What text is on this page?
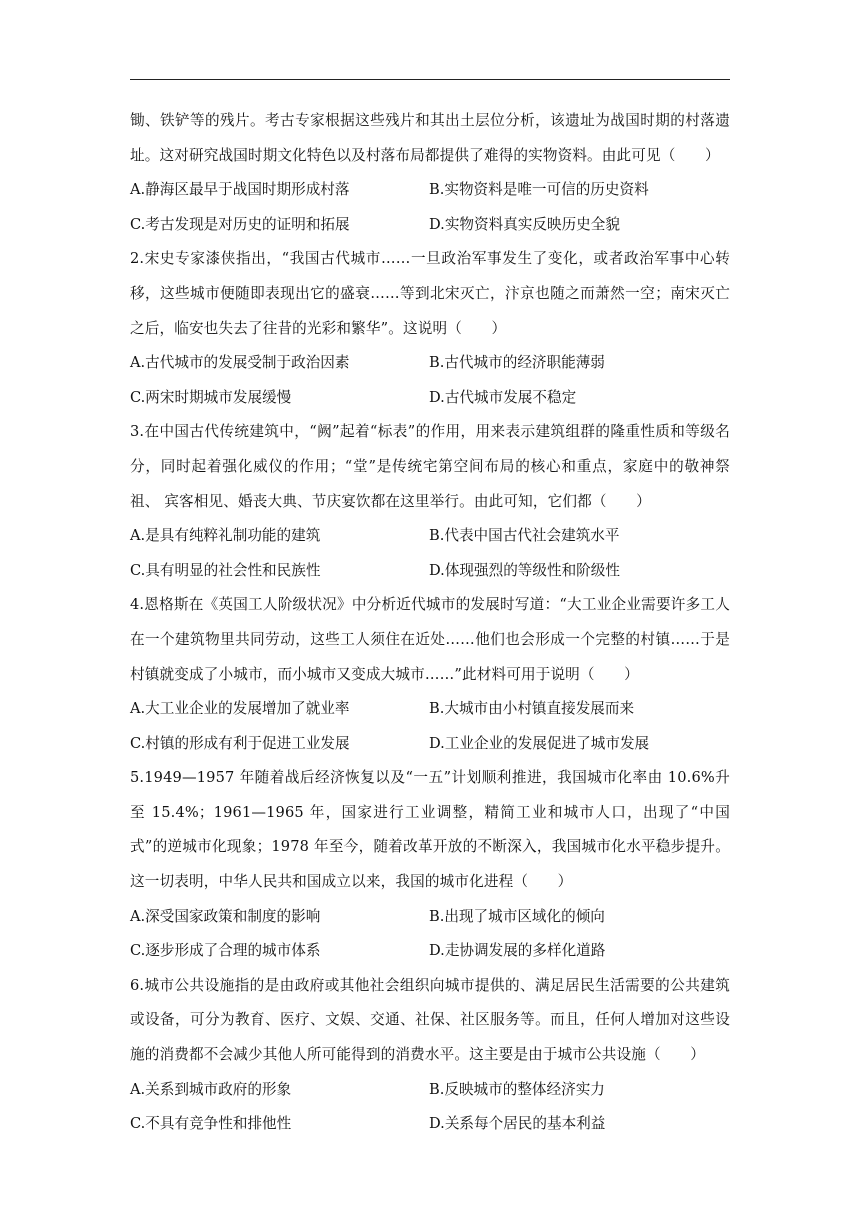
锄、铁铲等的残片。考古专家根据这些残片和其出土层位分析，该遗址为战国时期的村落遗址。这对研究战国时期文化特色以及村落布局都提供了难得的实物资料。由此可见（　　）

A.静海区最早于战国时期形成村落	B.实物资料是唯一可信的历史资料
C.考古发现是对历史的证明和拓展	D.实物资料真实反映历史全貌

2.宋史专家漆侠指出，“我国古代城市……一旦政治军事发生了变化，或者政治军事中心转移，这些城市便随即表现出它的盛衰……等到北宋灭亡，汴京也随之而萧然一空；南宋灭亡之后，临安也失去了往昔的光彩和繁华”。这说明（　　）

A.古代城市的发展受制于政治因素	B.古代城市的经济职能薄弱
C.两宋时期城市发展缓慢	D.古代城市发展不稳定

3.在中国古代传统建筑中，“阙”起着“标表”的作用，用来表示建筑组群的隆重性质和等级名分，同时起着强化威仪的作用；“堂”是传统宅第空间布局的核心和重点，家庭中的敬神祭祖、 宾客相见、婚丧大典、节庆宴饮都在这里举行。由此可知，它们都（　　）

A.是具有纯粹礼制功能的建筑	B.代表中国古代社会建筑水平
C.具有明显的社会性和民族性	D.体现强烈的等级性和阶级性

4.恩格斯在《英国工人阶级状况》中分析近代城市的发展时写道：“大工业企业需要许多工人在一个建筑物里共同劳动，这些工人须住在近处……他们也会形成一个完整的村镇……于是村镇就变成了小城市，而小城市又变成大城市……”此材料可用于说明（　　）

A.大工业企业的发展增加了就业率	B.大城市由小村镇直接发展而来
C.村镇的形成有利于促进工业发展	D.工业企业的发展促进了城市发展

5.1949—1957 年随着战后经济恢复以及“一五”计划顺利推进，我国城市化率由 10.6%升至 15.4%；1961—1965 年，国家进行工业调整，精简工业和城市人口，出现了“中国式”的逆城市化现象；1978 年至今，随着改革开放的不断深入，我国城市化水平稳步提升。这一切表明，中华人民共和国成立以来，我国的城市化进程（　　）

A.深受国家政策和制度的影响	B.出现了城市区域化的倾向
C.逐步形成了合理的城市体系	D.走协调发展的多样化道路

6.城市公共设施指的是由政府或其他社会组织向城市提供的、满足居民生活需要的公共建筑或设备，可分为教育、医疗、文娱、交通、社保、社区服务等。而且，任何人增加对这些设施的消费都不会减少其他人所可能得到的消费水平。这主要是由于城市公共设施（　　）

A.关系到城市政府的形象	B.反映城市的整体经济实力
C.不具有竞争性和排他性	D.关系每个居民的基本利益
